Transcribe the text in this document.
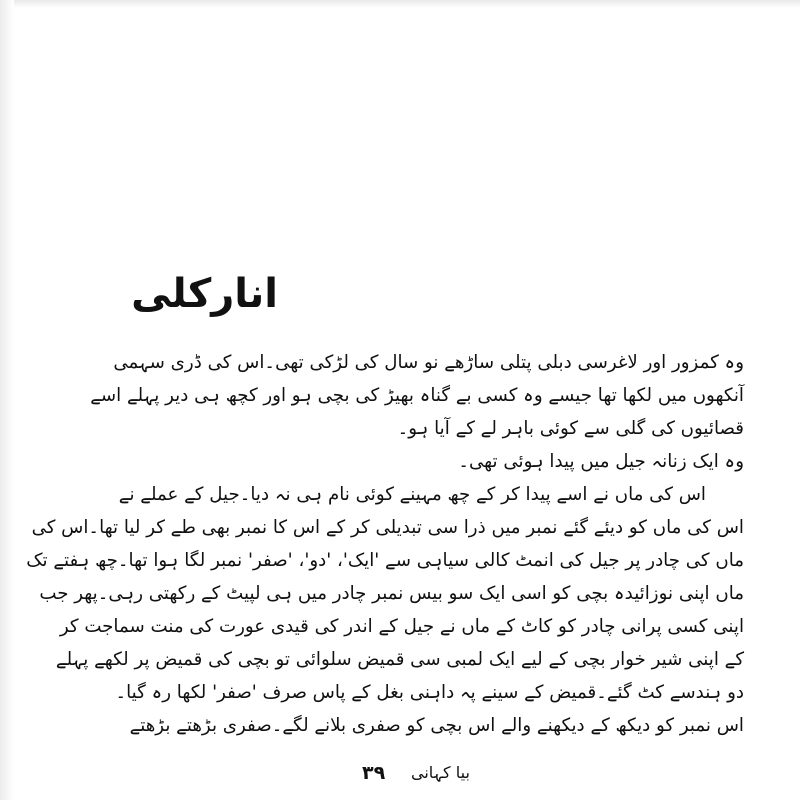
انارکلی
وہ کمزور اور لاغرسی دبلی پتلی ساڑھے نو سال کی لڑکی تھی۔اس کی ڈری سہمی
آنکھوں میں لکھا تھا جیسے وہ کسی بے گناہ بھیڑ کی بچی ہو اور کچھ ہی دیر پہلے اسے
قصائیوں کی گلی سے کوئی باہر لے کے آیا ہو۔
وہ ایک زنانہ جیل میں پیدا ہوئی تھی۔
اس کی ماں نے اسے پیدا کر کے چھ مہینے کوئی نام ہی نہ دیا۔جیل کے عملے نے
اس کی ماں کو دیئے گئے نمبر میں ذرا سی تبدیلی کر کے اس کا نمبر بھی طے کر لیا تھا۔اس کی
ماں کی چادر پر جیل کی انمٹ کالی سیاہی سے 'ایک'، 'دو'، 'صفر' نمبر لگا ہوا تھا۔چھ ہفتے تک
ماں اپنی نوزائیدہ بچی کو اسی ایک سو بیس نمبر چادر میں ہی لپیٹ کے رکھتی رہی۔پھر جب
اپنی کسی پرانی چادر کو کاٹ کے ماں نے جیل کے اندر کی قیدی عورت کی منت سماجت کر
کے اپنی شیر خوار بچی کے لیے ایک لمبی سی قمیض سلوائی تو بچی کی قمیض پر لکھے پہلے
دو ہندسے کٹ گئے۔قمیض کے سینے پہ داہنی بغل کے پاس صرف 'صفر' لکھا رہ گیا۔
اس نمبر کو دیکھ کے دیکھنے والے اس بچی کو صفری بلانے لگے۔صفری بڑھتے بڑھتے
۳۹ بیا کہانی
